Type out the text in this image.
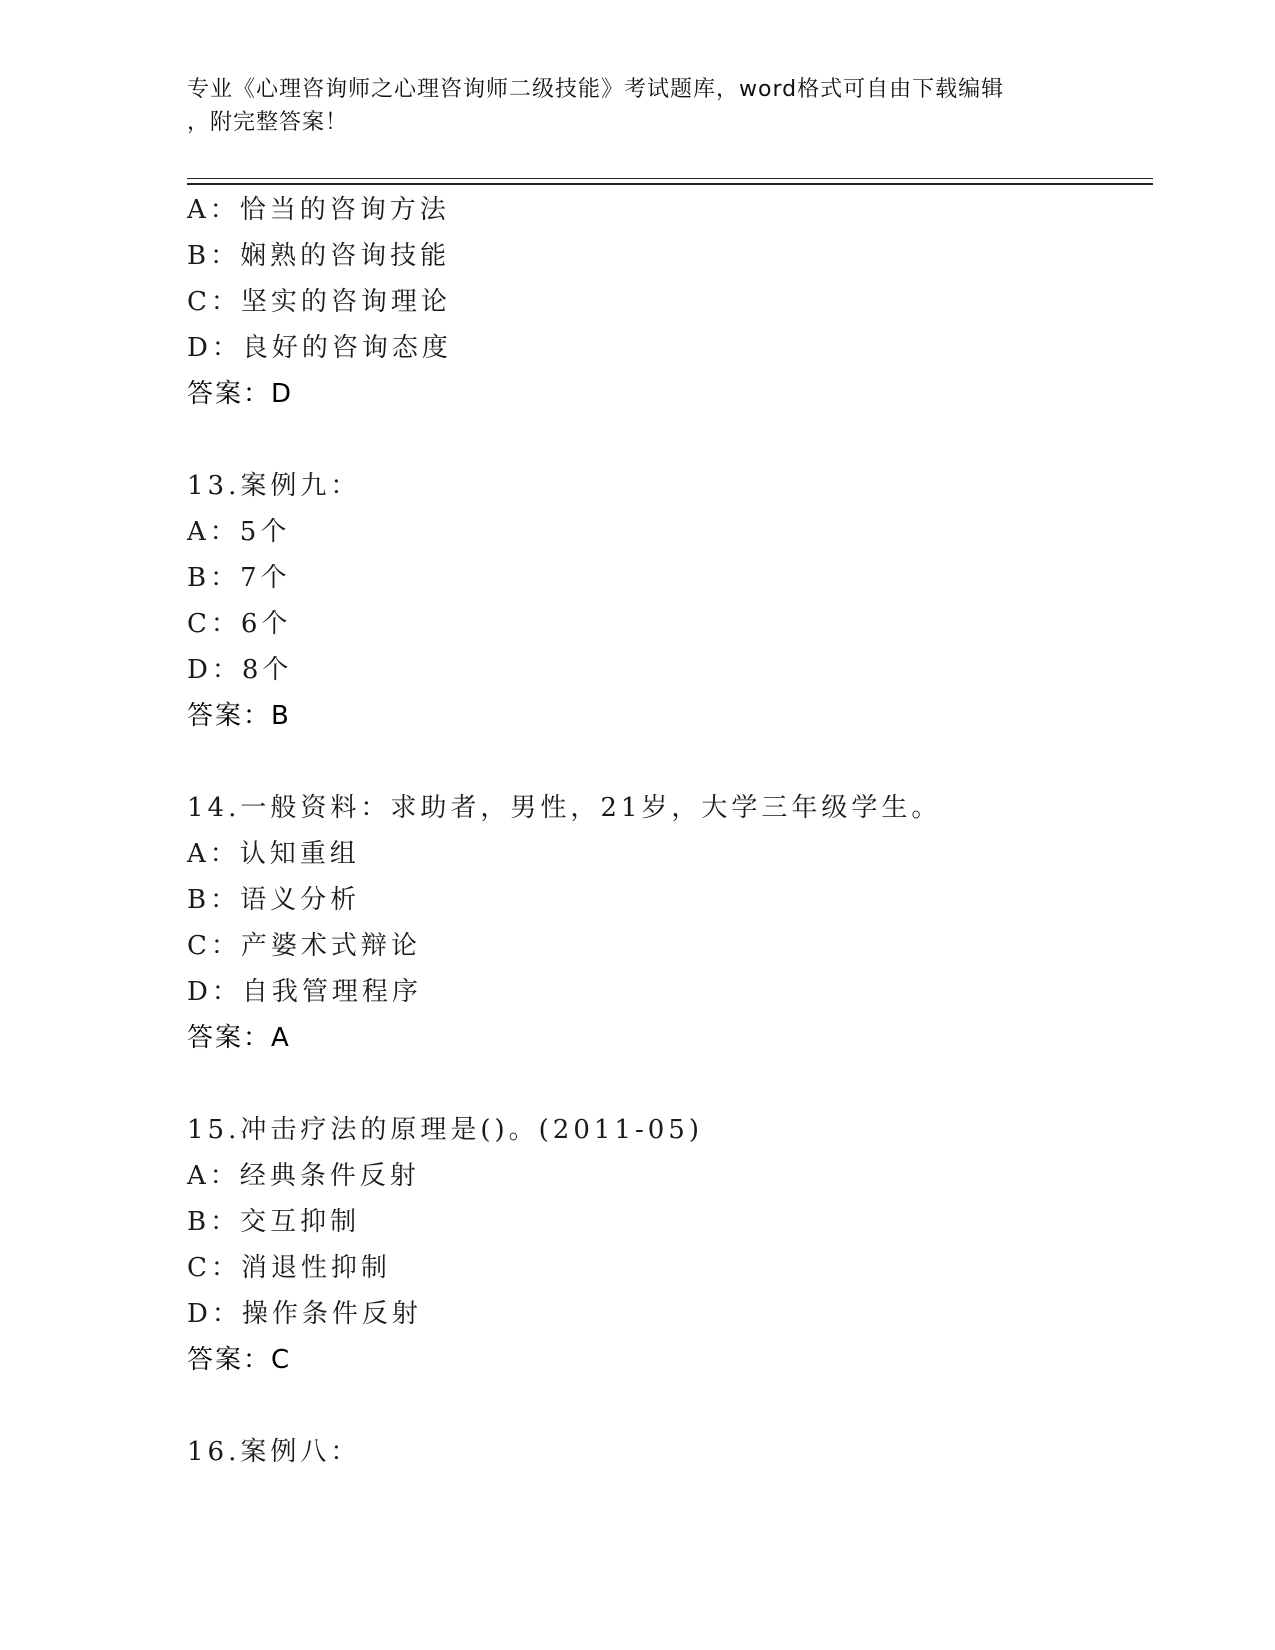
专业《心理咨询师之心理咨询师二级技能》考试题库，word格式可自由下载编辑
，附完整答案！
A：恰当的咨询方法
B：娴熟的咨询技能
C：坚实的咨询理论
D：良好的咨询态度
答案：D
13.案例九：
A：5个
B：7个
C：6个
D：8个
答案：B
14.一般资料：求助者，男性，21岁，大学三年级学生。
A：认知重组
B：语义分析
C：产婆术式辩论
D：自我管理程序
答案：A
15.冲击疗法的原理是()。(2011-05)
A：经典条件反射
B：交互抑制
C：消退性抑制
D：操作条件反射
答案：C
16.案例八：
